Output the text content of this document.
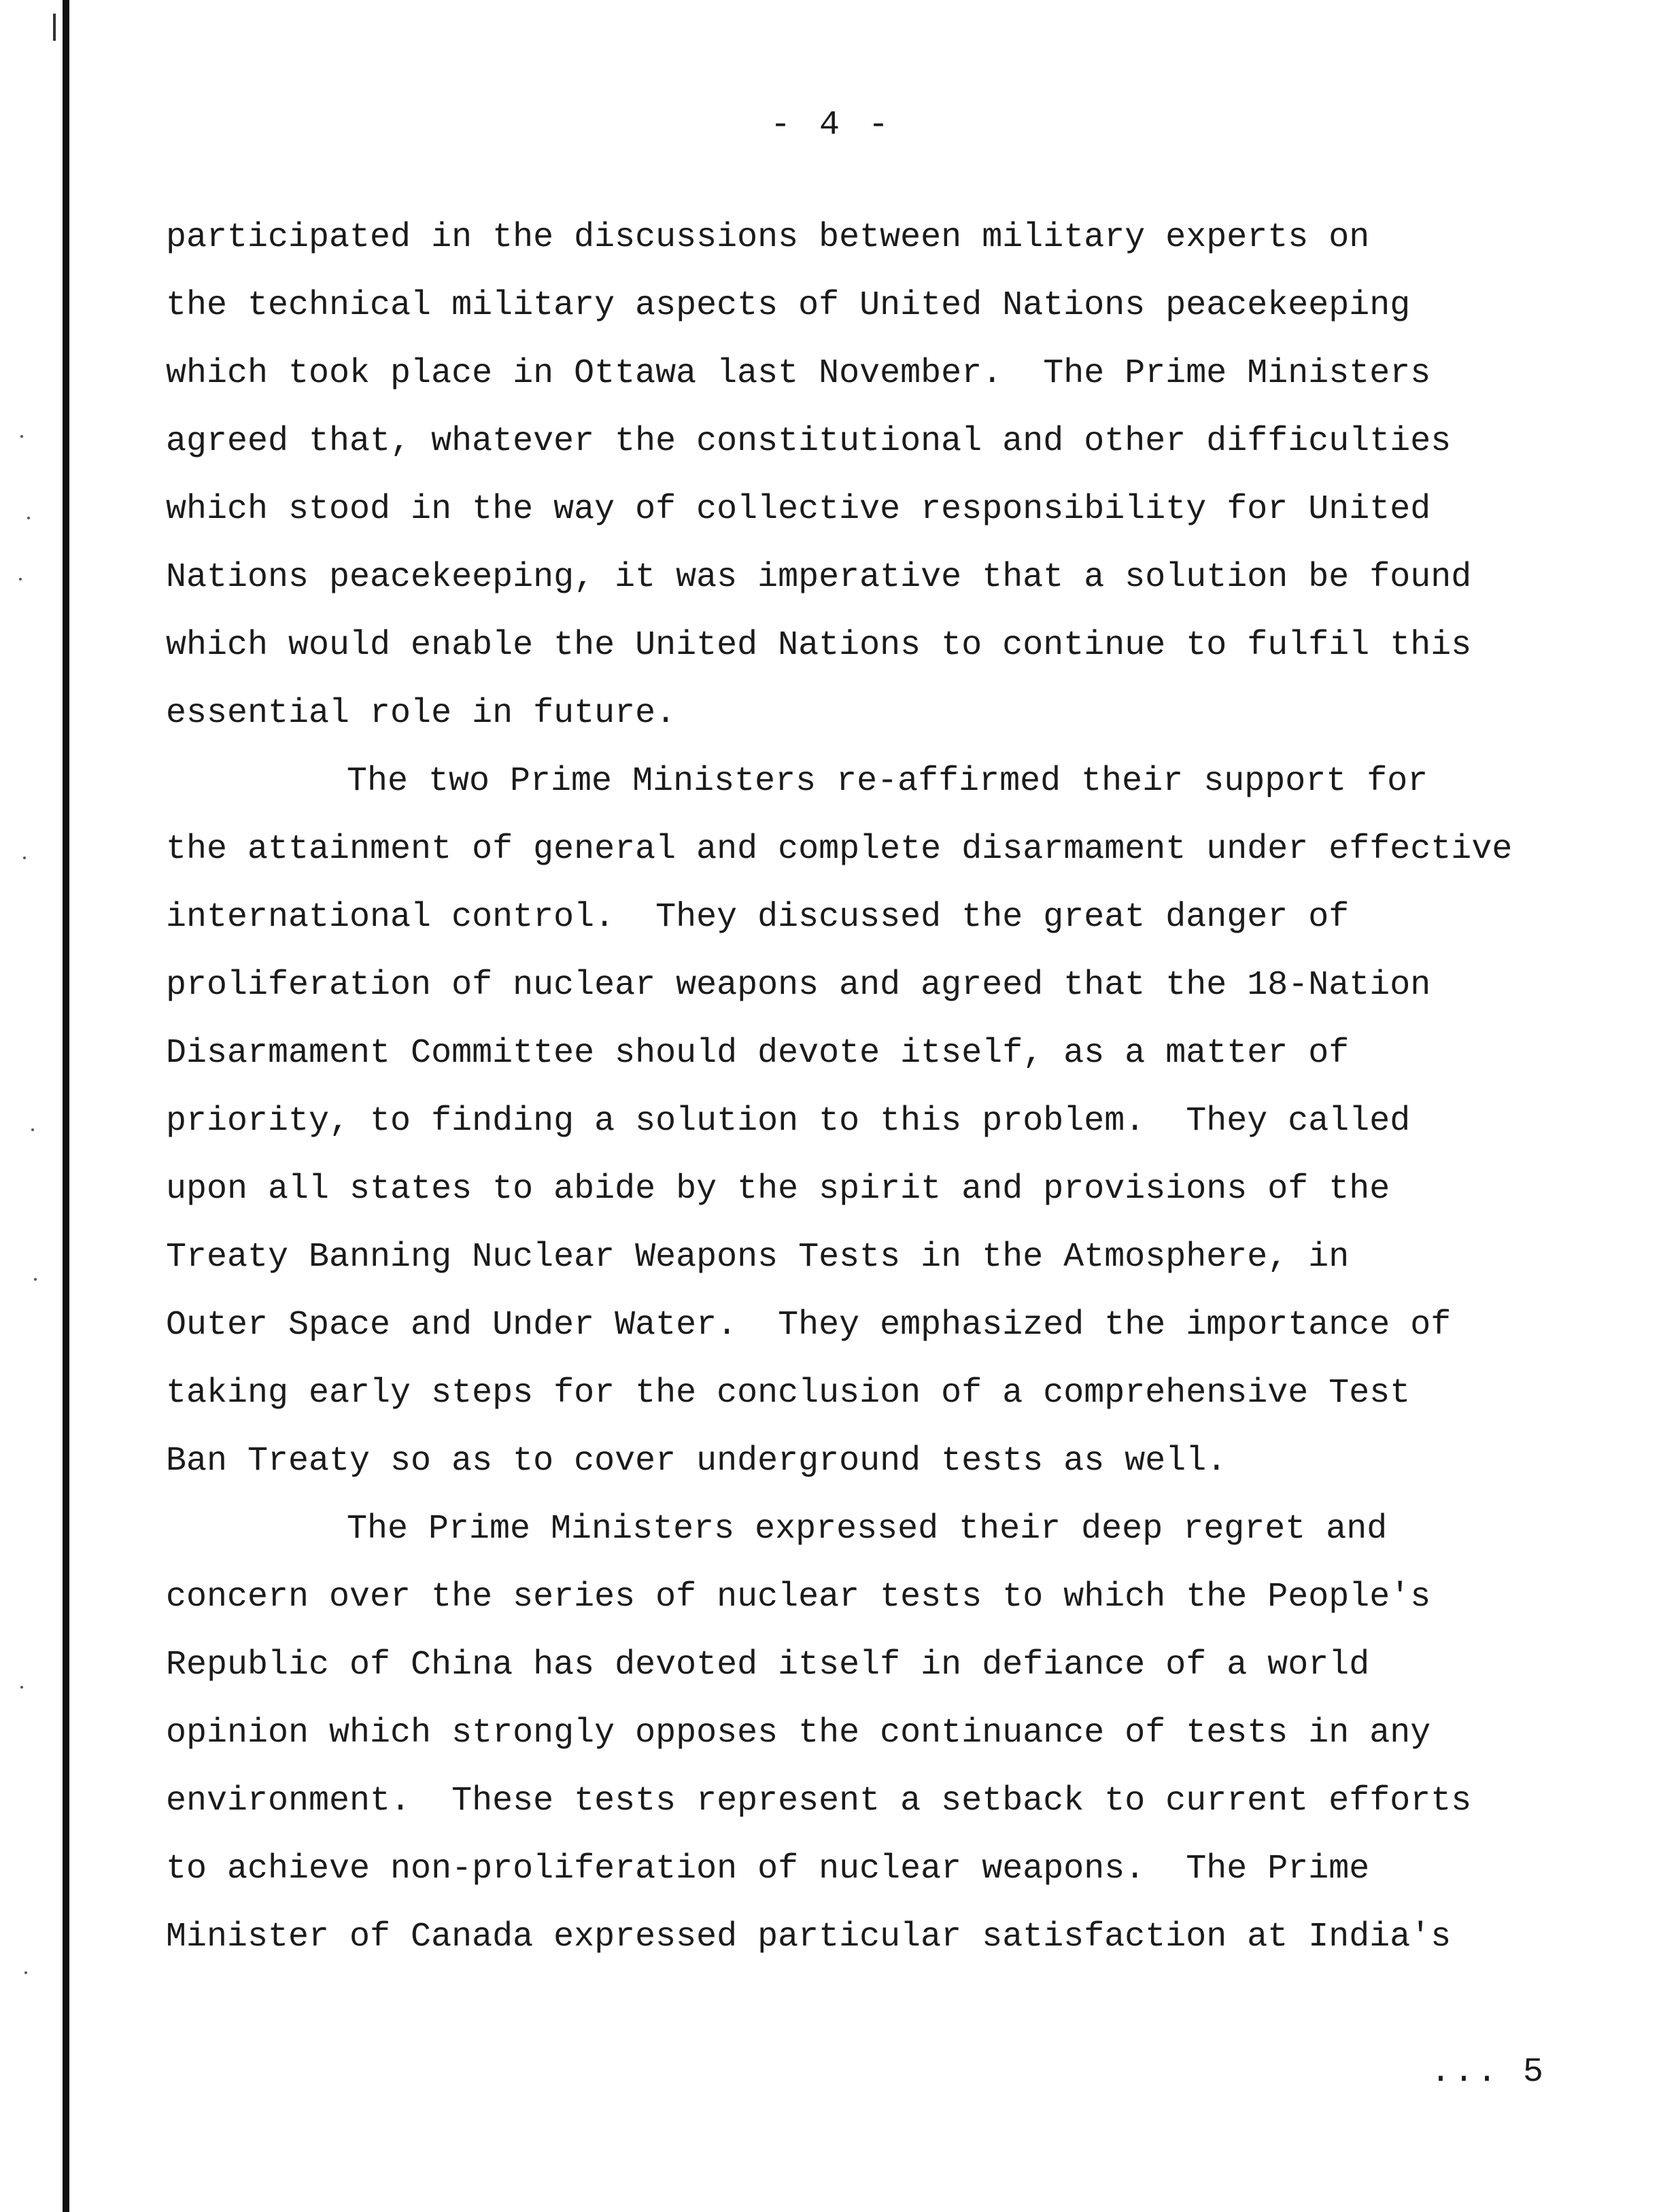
- 4 -
participated in the discussions between military experts on
the technical military aspects of United Nations peacekeeping
which took place in Ottawa last November.  The Prime Ministers
agreed that, whatever the constitutional and other difficulties
which stood in the way of collective responsibility for United
Nations peacekeeping, it was imperative that a solution be found
which would enable the United Nations to continue to fulfil this
essential role in future.
The two Prime Ministers re-affirmed their support for
the attainment of general and complete disarmament under effective
international control.  They discussed the great danger of
proliferation of nuclear weapons and agreed that the 18-Nation
Disarmament Committee should devote itself, as a matter of
priority, to finding a solution to this problem.  They called
upon all states to abide by the spirit and provisions of the
Treaty Banning Nuclear Weapons Tests in the Atmosphere, in
Outer Space and Under Water.  They emphasized the importance of
taking early steps for the conclusion of a comprehensive Test
Ban Treaty so as to cover underground tests as well.
The Prime Ministers expressed their deep regret and
concern over the series of nuclear tests to which the People's
Republic of China has devoted itself in defiance of a world
opinion which strongly opposes the continuance of tests in any
environment.  These tests represent a setback to current efforts
to achieve non-proliferation of nuclear weapons.  The Prime
Minister of Canada expressed particular satisfaction at India's
... 5
